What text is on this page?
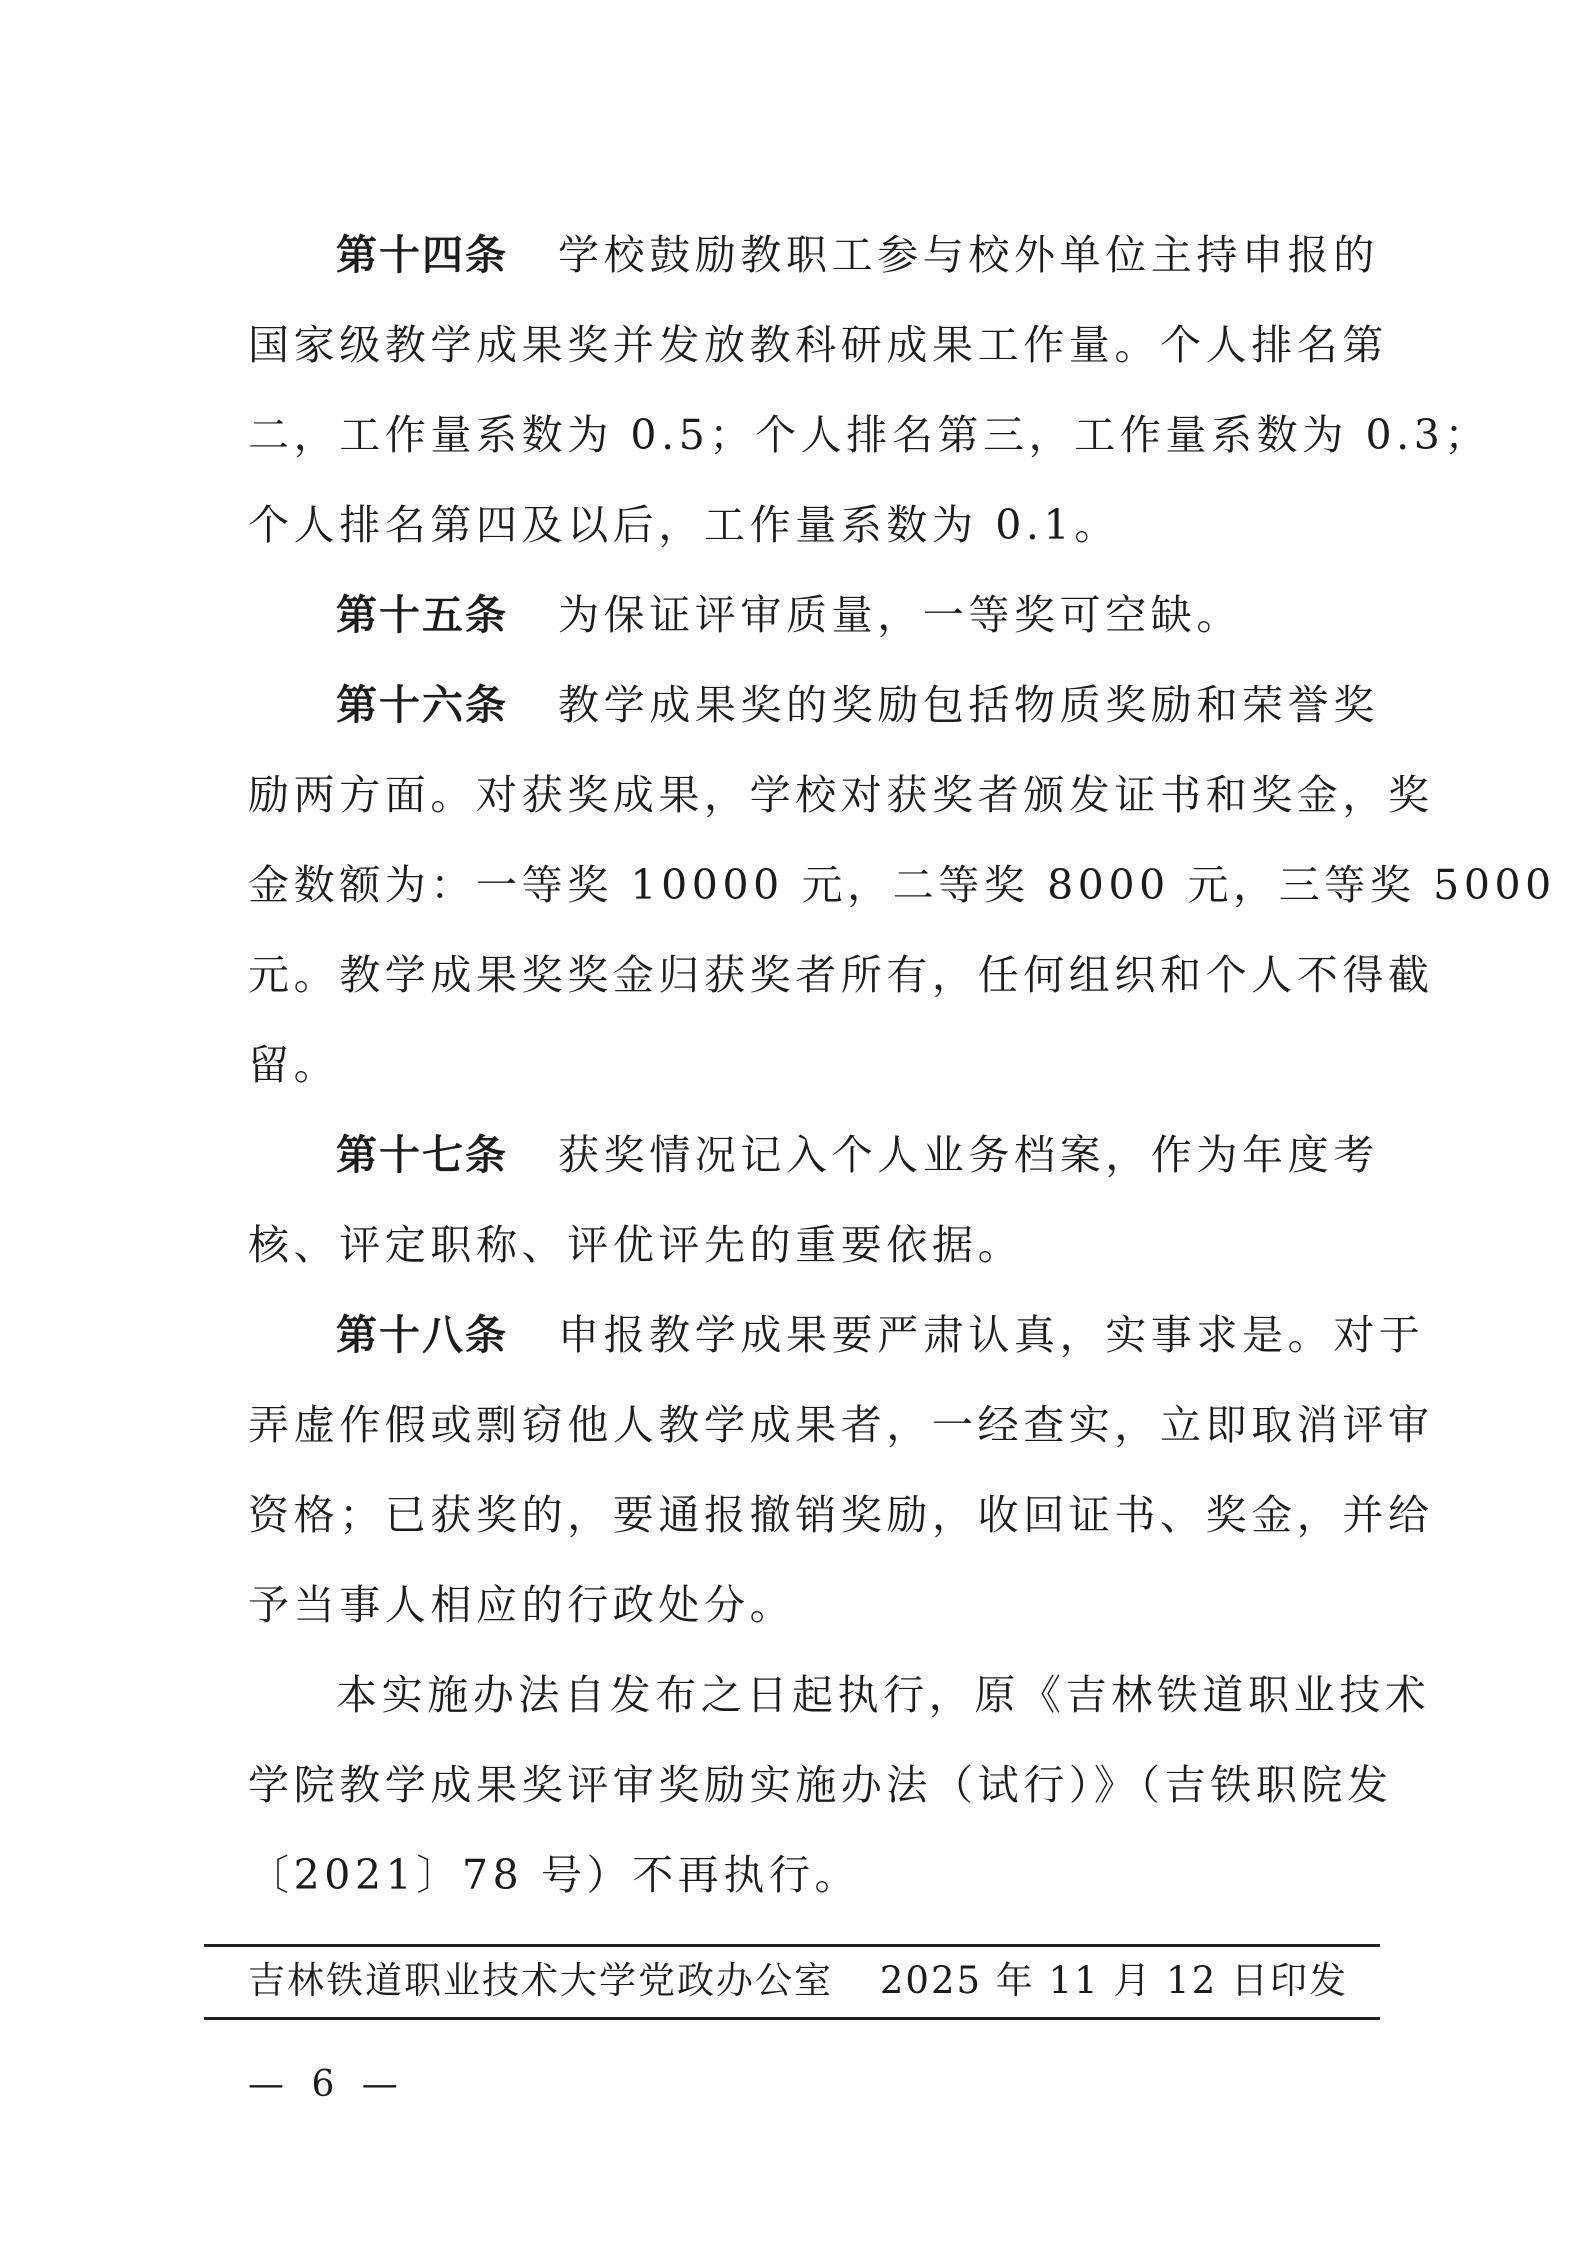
第十四条 学校鼓励教职工参与校外单位主持申报的
国家级教学成果奖并发放教科研成果工作量。个人排名第
二，工作量系数为 0.5；个人排名第三，工作量系数为 0.3；
个人排名第四及以后，工作量系数为 0.1。
第十五条 为保证评审质量，一等奖可空缺。
第十六条 教学成果奖的奖励包括物质奖励和荣誉奖
励两方面。对获奖成果，学校对获奖者颁发证书和奖金，奖
金数额为：一等奖 10000 元，二等奖 8000 元，三等奖 5000
元。教学成果奖奖金归获奖者所有，任何组织和个人不得截
留。
第十七条 获奖情况记入个人业务档案，作为年度考
核、评定职称、评优评先的重要依据。
第十八条 申报教学成果要严肃认真，实事求是。对于
弄虚作假或剽窃他人教学成果者，一经查实，立即取消评审
资格；已获奖的，要通报撤销奖励，收回证书、奖金，并给
予当事人相应的行政处分。
本实施办法自发布之日起执行，原《吉林铁道职业技术
学院教学成果奖评审奖励实施办法（试行）》（吉铁职院发
〔2021〕78 号）不再执行。
吉林铁道职业技术大学党政办公室 2025 年 11 月 12 日印发
— 6 —
